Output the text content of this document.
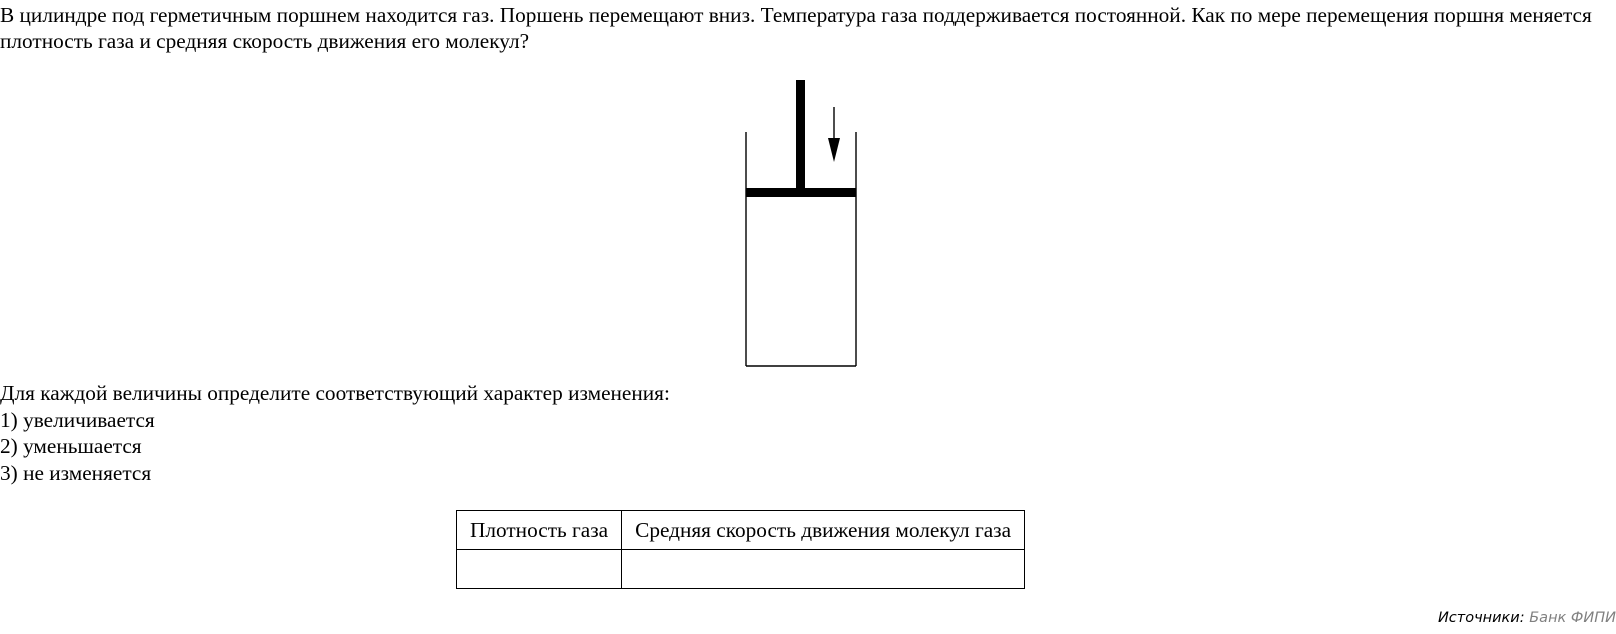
В цилиндре под герметичным поршнем находится газ. Поршень перемещают вниз. Температура газа поддерживается постоянной. Как по мере перемещения поршня меняется плотность газа и средняя скорость движения его молекул?
Для каждой величины определите соответствующий характер изменения:
1) увеличивается
2) уменьшается
3) не изменяется
Плотность газа	Средняя скорость движения молекул газа

Источники: Банк ФИПИ
